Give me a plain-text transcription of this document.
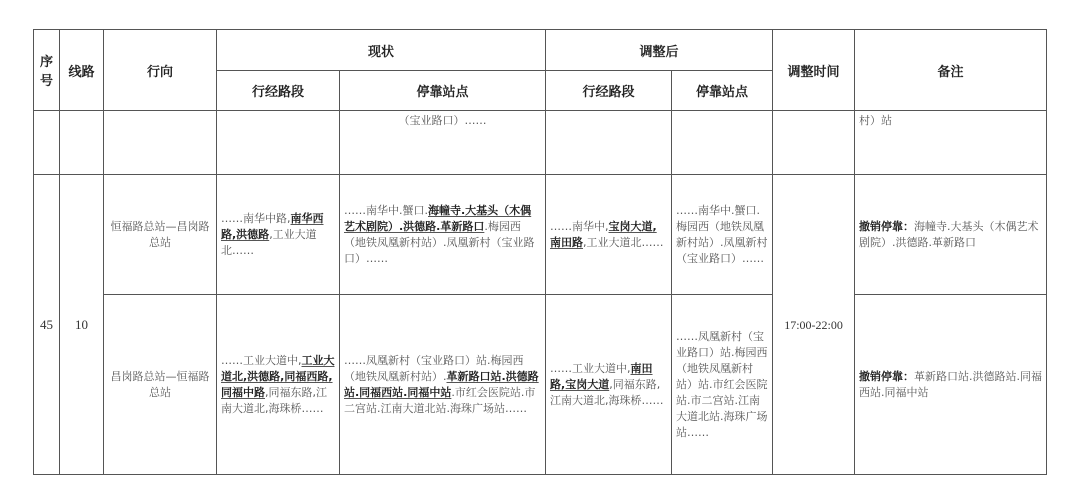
序号	线路	行向	现状		调整后		调整时间	备注
			行经路段	停靠站点	行经路段	停靠站点		
				（宝业路口）……				村）站
45	10	恒福路总站—昌岗路总站	……南华中路,南华西路,洪德路,工业大道北……	……南华中.蟹口.海幢寺.大基头（木偶艺术剧院）.洪德路.革新路口.梅园西（地铁凤凰新村站）.凤凰新村（宝业路口）……	……南华中,宝岗大道,南田路,工业大道北……	……南华中.蟹口.梅园西（地铁凤凰新村站）.凤凰新村（宝业路口）……	17:00-22:00	撤销停靠：海幢寺.大基头（木偶艺术剧院）.洪德路.革新路口
		昌岗路总站—恒福路总站	……工业大道中,工业大道北,洪德路,同福西路,同福中路,同福东路,江南大道北,海珠桥……	……凤凰新村（宝业路口）站.梅园西（地铁凤凰新村站）.革新路口站.洪德路站.同福西站.同福中站.市红会医院站.市二宫站.江南大道北站.海珠广场站……	……工业大道中,南田路,宝岗大道,同福东路,江南大道北,海珠桥……	……凤凰新村（宝业路口）站.梅园西（地铁凤凰新村站）站.市红会医院站.市二宫站.江南大道北站.海珠广场站……		撤销停靠：革新路口站.洪德路站.同福西站.同福中站
